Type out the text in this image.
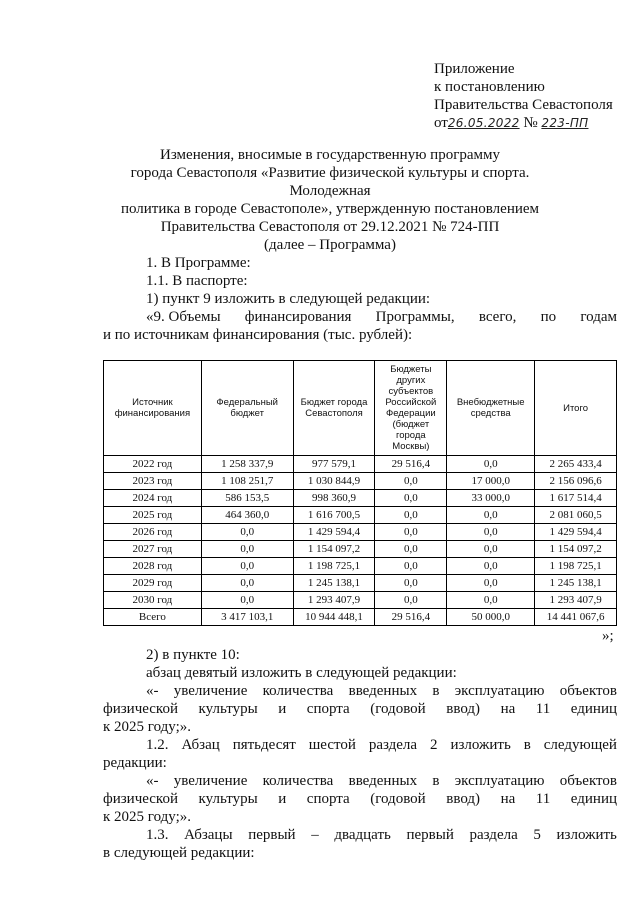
Приложение
к постановлению
Правительства Севастополя
от26.05.2022 № 223-ПП
Изменения, вносимые в государственную программу
города Севастополя «Развитие физической культуры и спорта. Молодежная
политика в городе Севастополе», утвержденную постановлением
Правительства Севастополя от 29.12.2021 № 724-ПП
(далее – Программа)
1. В Программе:
1.1. В паспорте:
1) пункт 9 изложить в следующей редакции:
«9. Объемы финансирования Программы, всего, по годам
и по источникам финансирования (тыс. рублей):
Источник финансирования	Федеральный бюджет	Бюджет города Севастополя	Бюджеты других субъектов Российской Федерации (бюджет города Москвы)	Внебюджетные средства	Итого
2022 год	1 258 337,9	977 579,1	29 516,4	0,0	2 265 433,4
2023 год	1 108 251,7	1 030 844,9	0,0	17 000,0	2 156 096,6
2024 год	586 153,5	998 360,9	0,0	33 000,0	1 617 514,4
2025 год	464 360,0	1 616 700,5	0,0	0,0	2 081 060,5
2026 год	0,0	1 429 594,4	0,0	0,0	1 429 594,4
2027 год	0,0	1 154 097,2	0,0	0,0	1 154 097,2
2028 год	0,0	1 198 725,1	0,0	0,0	1 198 725,1
2029 год	0,0	1 245 138,1	0,0	0,0	1 245 138,1
2030 год	0,0	1 293 407,9	0,0	0,0	1 293 407,9
Всего	3 417 103,1	10 944 448,1	29 516,4	50 000,0	14 441 067,6
»;
2) в пункте 10:
абзац девятый изложить в следующей редакции:
«- увеличение количества введенных в эксплуатацию объектов
физической культуры и спорта (годовой ввод) на 11 единиц
к 2025 году;».
1.2. Абзац пятьдесят шестой раздела 2 изложить в следующей
редакции:
«- увеличение количества введенных в эксплуатацию объектов
физической культуры и спорта (годовой ввод) на 11 единиц
к 2025 году;».
1.3. Абзацы первый – двадцать первый раздела 5 изложить
в следующей редакции:
